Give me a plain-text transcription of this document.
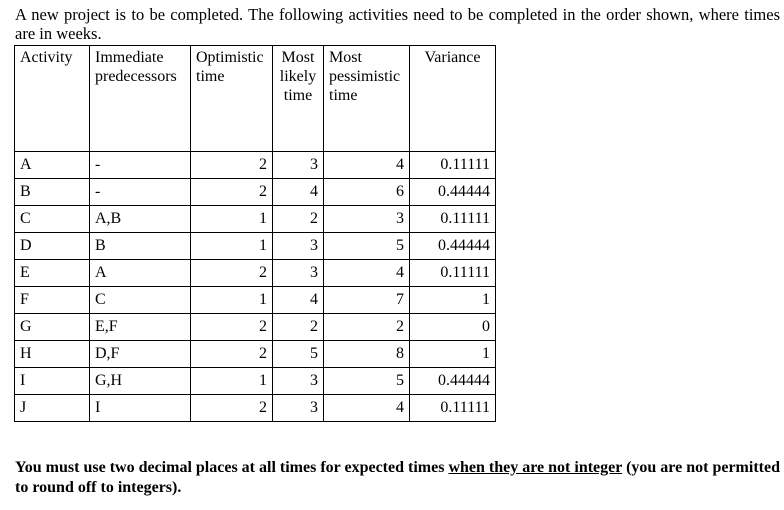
A new project is to be completed. The following activities need to be completed in the order shown, where times are in weeks.
Activity	Immediate predecessors	Optimistic time	Most likely time	Most pessimistic time	Variance
A	-	2	3	4	0.11111
B	-	2	4	6	0.44444
C	A,B	1	2	3	0.11111
D	B	1	3	5	0.44444
E	A	2	3	4	0.11111
F	C	1	4	7	1
G	E,F	2	2	2	0
H	D,F	2	5	8	1
I	G,H	1	3	5	0.44444
J	I	2	3	4	0.11111
You must use two decimal places at all times for expected times when they are not integer (you are not permitted to round off to integers).
